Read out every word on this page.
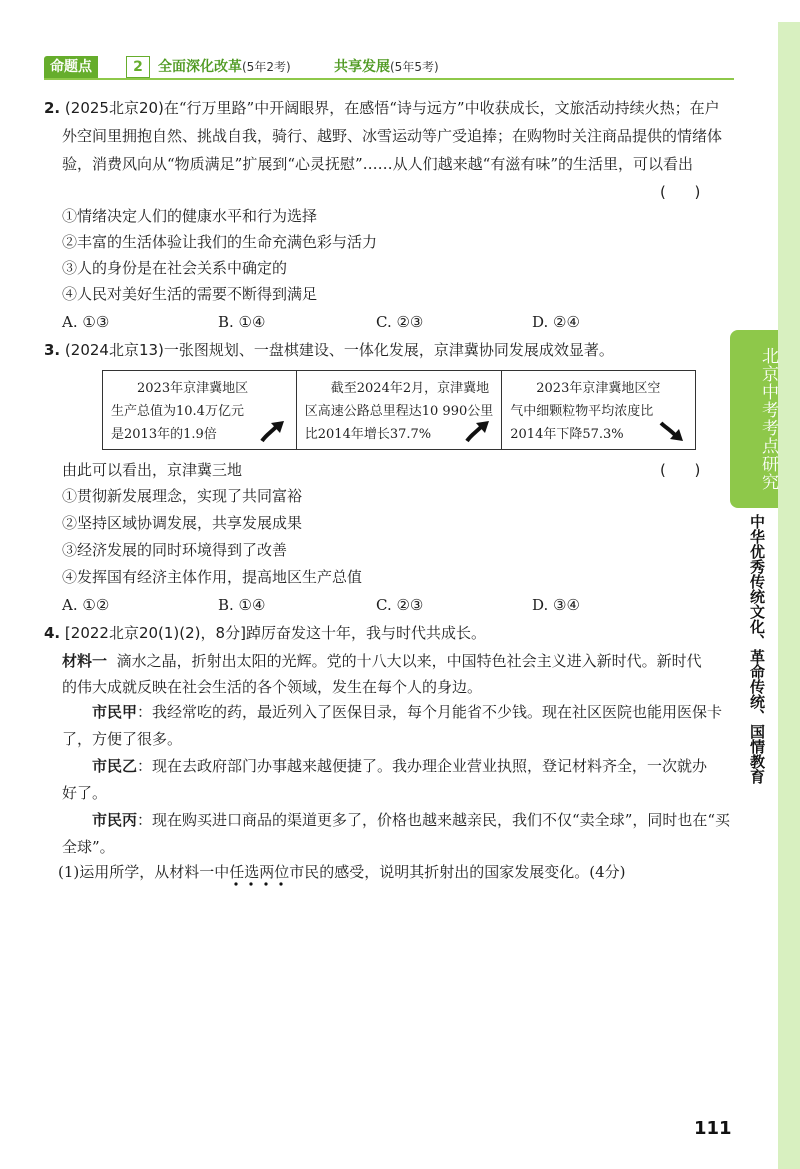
北京中考考点研究
中华优秀传统文化、革命传统、国情教育
命题点	2	全面深化改革(5年2考)	共享发展(5年5考)
2. (2025北京20)在“行万里路”中开阔眼界，在感悟“诗与远方”中收获成长，文旅活动持续火热；在户
外空间里拥抱自然、挑战自我，骑行、越野、冰雪运动等广受追捧；在购物时关注商品提供的情绪体
验，消费风向从“物质满足”扩展到“心灵抚慰”……从人们越来越“有滋有味”的生活里，可以看出
(      )
①情绪决定人们的健康水平和行为选择
②丰富的生活体验让我们的生命充满色彩与活力
③人的身份是在社会关系中确定的
④人民对美好生活的需要不断得到满足
A. ①③	B. ①④	C. ②③	D. ②④
3. (2024北京13)一张图规划、一盘棋建设、一体化发展，京津冀协同发展成效显著。

2023年京津冀地区

生产总值为10.4万亿元

是2013年的1.9倍

截至2024年2月，京津冀地

区高速公路总里程达10 990公里

比2014年增长37.7%

2023年京津冀地区空

气中细颗粒物平均浓度比

2014年下降57.3%

由此可以看出，京津冀三地	(      )
①贯彻新发展理念，实现了共同富裕
②坚持区域协调发展，共享发展成果
③经济发展的同时环境得到了改善
④发挥国有经济主体作用，提高地区生产总值
A. ①②	B. ①④	C. ②③	D. ③④
4. [2022北京20(1)(2)，8分]踔厉奋发这十年，我与时代共成长。
材料一 滴水之晶，折射出太阳的光辉。党的十八大以来，中国特色社会主义进入新时代。新时代
的伟大成就反映在社会生活的各个领域，发生在每个人的身边。
市民甲：我经常吃的药，最近列入了医保目录，每个月能省不少钱。现在社区医院也能用医保卡
了，方便了很多。
市民乙：现在去政府部门办事越来越便捷了。我办理企业营业执照，登记材料齐全，一次就办
好了。
市民丙：现在购买进口商品的渠道更多了，价格也越来越亲民，我们不仅“卖全球”，同时也在“买
全球”。
(1)运用所学，从材料一中任选两位
市民的感受，说明其折射出的国家发展变化。(4分)
111
